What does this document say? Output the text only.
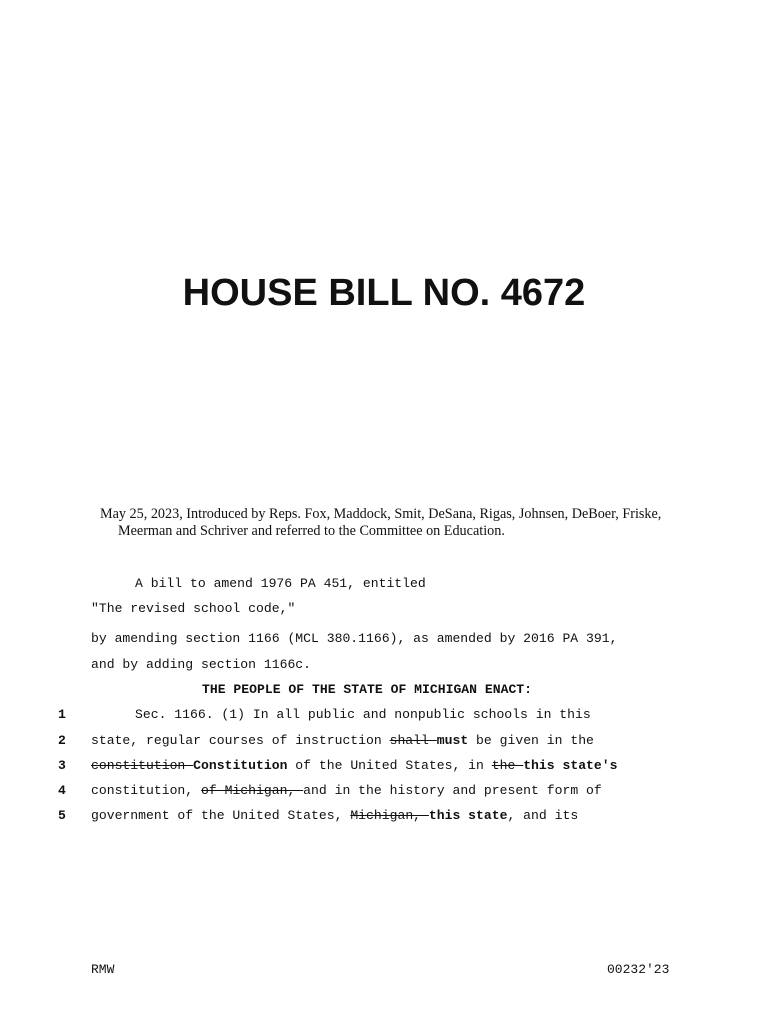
HOUSE BILL NO. 4672
May 25, 2023, Introduced by Reps. Fox, Maddock, Smit, DeSana, Rigas, Johnsen, DeBoer, Friske,
Meerman and Schriver and referred to the Committee on Education.
A bill to amend 1976 PA 451, entitled
"The revised school code,"
by amending section 1166 (MCL 380.1166), as amended by 2016 PA 391,
and by adding section 1166c.
THE PEOPLE OF THE STATE OF MICHIGAN ENACT:
1	Sec. 1166. (1) In all public and nonpublic schools in this
2	state, regular courses of instruction shall must be given in the
3	constitution Constitution of the United States, in the this state's
4	constitution, of Michigan, and in the history and present form of
5	government of the United States, Michigan, this state, and its
RMW	00232'23
